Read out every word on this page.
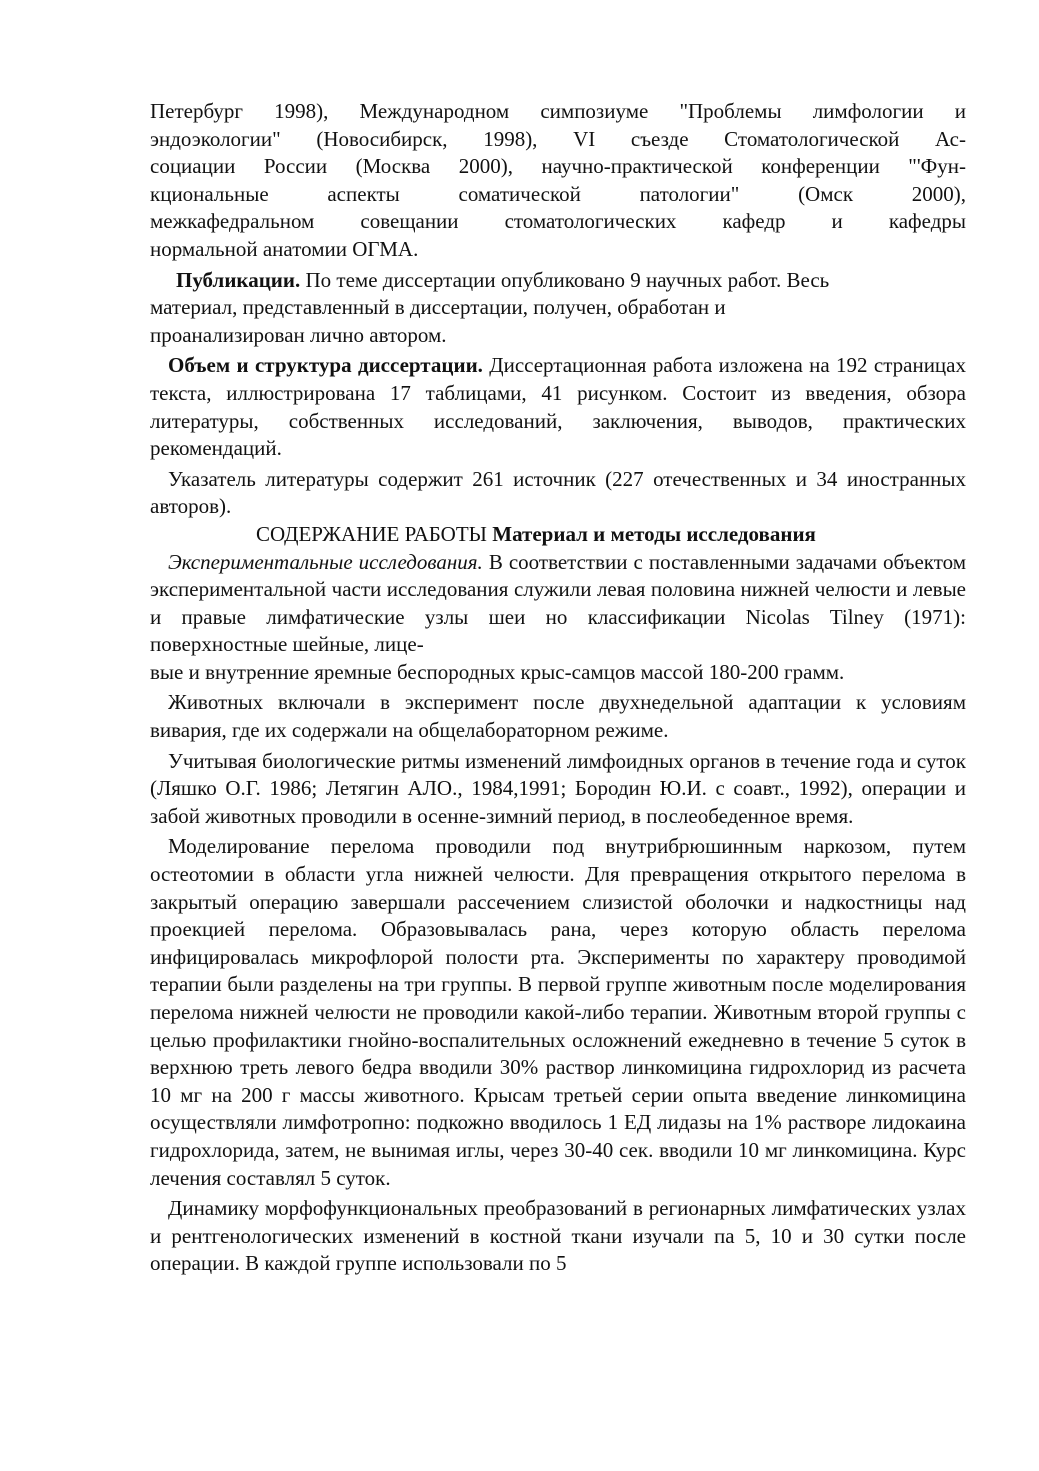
Петербург 1998), Международном симпозиуме "Проблемы лимфологии и
эндоэкологии" (Новосибирск, 1998), VI съезде Стоматологической Ас-
социации России (Москва 2000), научно-практической конференции "'Фун-
кциональные аспекты соматической патологии" (Омск 2000),
межкафедральном совещании стоматологических кафедр и кафедры
нормальной анатомии ОГМА.

Публикации. По теме диссертации опубликовано 9 научных работ. Весь
материал, представленный в диссертации, получен, обработан и
проанализирован лично автором.

Объем и структура диссертации. Диссертационная работа изложена на 192 страницах текста, иллюстрирована 17 таблицами, 41 рисунком. Состоит из введения, обзора литературы, собственных исследований, заключения, выводов, практических рекомендаций.

Указатель литературы содержит 261 источник (227 отечественных и 34 иностранных авторов).

СОДЕРЖАНИЕ РАБОТЫ Материал и методы исследования

Экспериментальные исследования. В соответствии с поставленными задачами объектом экспериментальной части исследования служили левая половина нижней челюсти и левые и правые лимфатические узлы шеи но классификации Nicolas Tilney (1971): поверхностные шейные, лице-

вые и внутренние яремные беспородных крыс-самцов массой 180-200 грамм.

Животных включали в эксперимент после двухнедельной адаптации к условиям вивария, где их содержали на общелабораторном режиме.

Учитывая биологические ритмы изменений лимфоидных органов в течение года и суток (Ляшко О.Г. 1986; Летягин АЛО., 1984,1991; Бородин Ю.И. с соавт., 1992), операции и забой животных проводили в осенне-зимний период, в послеобеденное время.

Моделирование перелома проводили под внутрибрюшинным наркозом, путем остеотомии в области угла нижней челюсти. Для превращения открытого перелома в закрытый операцию завершали рассечением слизистой оболочки и надкостницы над проекцией перелома. Образовывалась рана, через которую область перелома инфицировалась микрофлорой полости рта. Эксперименты по характеру проводимой терапии были разделены на три группы. В первой группе животным после моделирования перелома нижней челюсти не проводили какой-либо терапии. Животным второй группы с целью профилактики гнойно-воспалительных осложнений ежедневно в течение 5 суток в верхнюю треть левого бедра вводили 30% раствор линкомицина гидрохлорид из расчета 10 мг на 200 г массы животного. Крысам третьей серии опыта введение линкомицина осуществляли лимфотропно: подкожно вводилось 1 ЕД лидазы на 1% растворе лидокаина гидрохлорида, затем, не вынимая иглы, через 30-40 сек. вводили 10 мг линкомицина. Курс лечения составлял 5 суток.

Динамику морфофункциональных преобразований в регионарных лимфатических узлах и рентгенологических изменений в костной ткани изучали па 5, 10 и 30 сутки после операции. В каждой группе использовали по 5
